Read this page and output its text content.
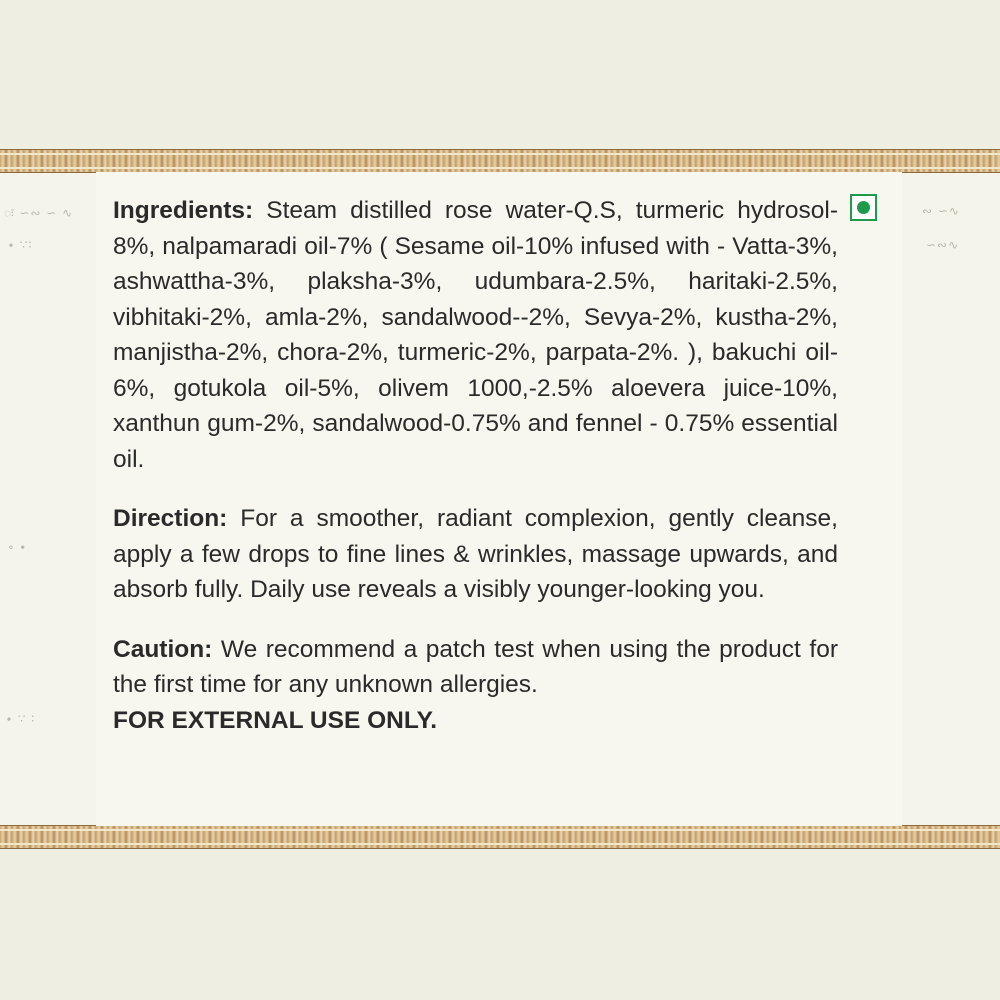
ः ∽∾ ∽ ∿
∙ ∵∶
∘ ∙
∙ ∵ ∶
∾ ∽∿
∽∾∿

Ingredients: Steam distilled rose water-Q.S, turmeric hydrosol-8%, nalpamaradi oil-7% ( Sesame oil-10% infused with - Vatta-3%, ashwattha-3%, plaksha-3%, udumbara-2.5%, haritaki-2.5%, vibhitaki-2%, amla-2%, sandalwood--2%, Sevya-2%, kustha-2%, manjistha-2%, chora-2%, turmeric-2%, parpata-2%. ), bakuchi oil-6%, gotukola oil-5%, olivem 1000,-2.5% aloevera juice-10%, xanthun gum-2%, sandalwood-0.75% and fennel - 0.75% essential oil.

Direction: For a smoother, radiant complexion, gently cleanse, apply a few drops to fine lines & wrinkles, massage upwards, and absorb fully. Daily use reveals a visibly younger-looking you.

Caution: We recommend a patch test when using the product for the first time for any unknown allergies.
FOR EXTERNAL USE ONLY.
